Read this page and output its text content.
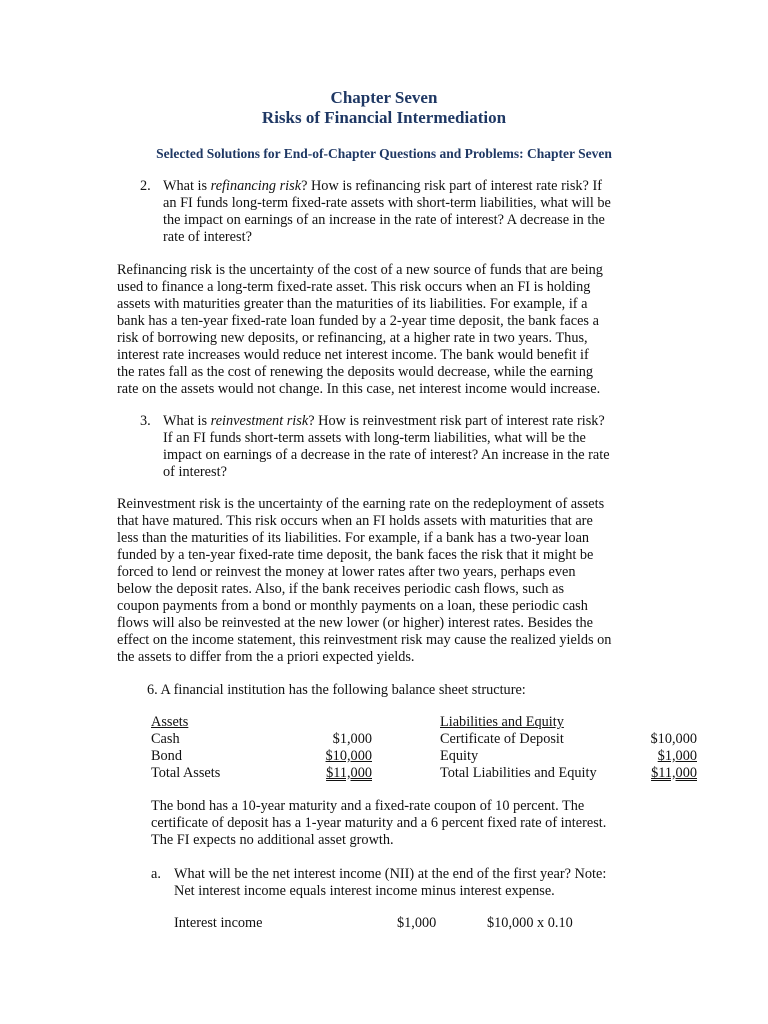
Chapter Seven
Risks of Financial Intermediation
Selected Solutions for End-of-Chapter Questions and Problems: Chapter Seven
2. What is refinancing risk? How is refinancing risk part of interest rate risk? If
an FI funds long-term fixed-rate assets with short-term liabilities, what will be
the impact on earnings of an increase in the rate of interest? A decrease in the
rate of interest?
Refinancing risk is the uncertainty of the cost of a new source of funds that are being
used to finance a long-term fixed-rate asset. This risk occurs when an FI is holding
assets with maturities greater than the maturities of its liabilities. For example, if a
bank has a ten-year fixed-rate loan funded by a 2-year time deposit, the bank faces a
risk of borrowing new deposits, or refinancing, at a higher rate in two years. Thus,
interest rate increases would reduce net interest income. The bank would benefit if
the rates fall as the cost of renewing the deposits would decrease, while the earning
rate on the assets would not change. In this case, net interest income would increase.
3. What is reinvestment risk? How is reinvestment risk part of interest rate risk?
If an FI funds short-term assets with long-term liabilities, what will be the
impact on earnings of a decrease in the rate of interest? An increase in the rate
of interest?
Reinvestment risk is the uncertainty of the earning rate on the redeployment of assets
that have matured. This risk occurs when an FI holds assets with maturities that are
less than the maturities of its liabilities. For example, if a bank has a two-year loan
funded by a ten-year fixed-rate time deposit, the bank faces the risk that it might be
forced to lend or reinvest the money at lower rates after two years, perhaps even
below the deposit rates. Also, if the bank receives periodic cash flows, such as
coupon payments from a bond or monthly payments on a loan, these periodic cash
flows will also be reinvested at the new lower (or higher) interest rates. Besides the
effect on the income statement, this reinvestment risk may cause the realized yields on
the assets to differ from the a priori expected yields.
6. A financial institution has the following balance sheet structure:
Assets	Liabilities and Equity
Cash	$1,000	Certificate of Deposit	$10,000
Bond	$10,000	Equity	$1,000
Total Assets	$11,000	Total Liabilities and Equity	$11,000
The bond has a 10-year maturity and a fixed-rate coupon of 10 percent. The
certificate of deposit has a 1-year maturity and a 6 percent fixed rate of interest.
The FI expects no additional asset growth.
a. What will be the net interest income (NII) at the end of the first year? Note:
Net interest income equals interest income minus interest expense.
Interest income	$1,000	$10,000 x 0.10
